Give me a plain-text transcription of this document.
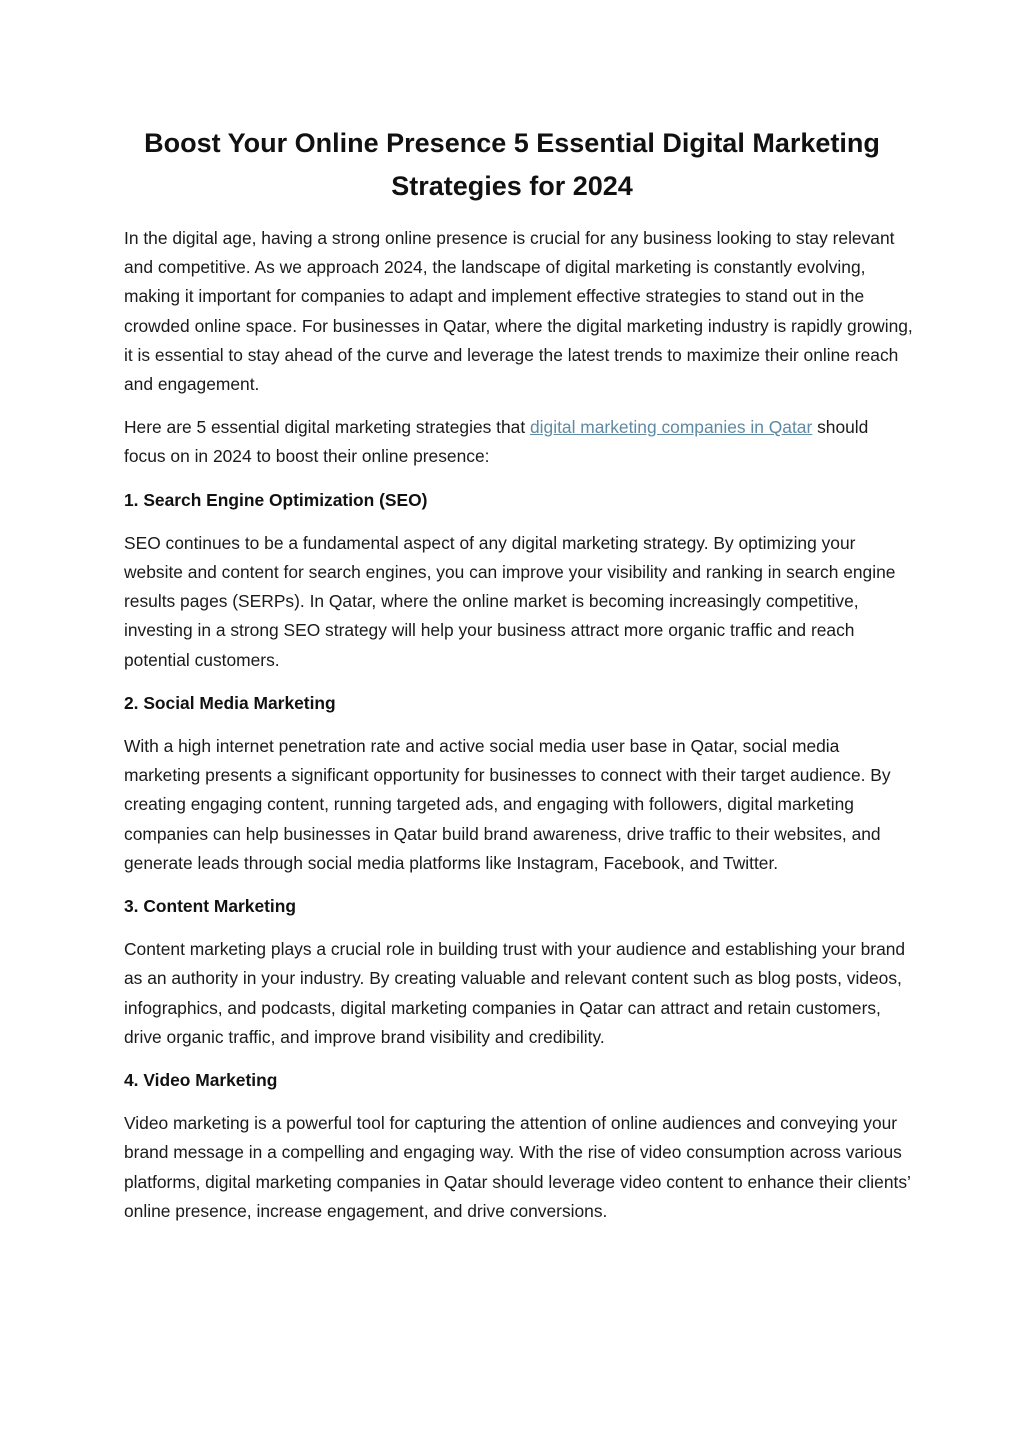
Boost Your Online Presence 5 Essential Digital Marketing Strategies for 2024

In the digital age, having a strong online presence is crucial for any business looking to stay relevant and competitive. As we approach 2024, the landscape of digital marketing is constantly evolving, making it important for companies to adapt and implement effective strategies to stand out in the crowded online space. For businesses in Qatar, where the digital marketing industry is rapidly growing, it is essential to stay ahead of the curve and leverage the latest trends to maximize their online reach and engagement.

Here are 5 essential digital marketing strategies that digital marketing companies in Qatar should focus on in 2024 to boost their online presence:

1. Search Engine Optimization (SEO)

SEO continues to be a fundamental aspect of any digital marketing strategy. By optimizing your website and content for search engines, you can improve your visibility and ranking in search engine results pages (SERPs). In Qatar, where the online market is becoming increasingly competitive, investing in a strong SEO strategy will help your business attract more organic traffic and reach potential customers.

2. Social Media Marketing

With a high internet penetration rate and active social media user base in Qatar, social media marketing presents a significant opportunity for businesses to connect with their target audience. By creating engaging content, running targeted ads, and engaging with followers, digital marketing companies can help businesses in Qatar build brand awareness, drive traffic to their websites, and generate leads through social media platforms like Instagram, Facebook, and Twitter.

3. Content Marketing

Content marketing plays a crucial role in building trust with your audience and establishing your brand as an authority in your industry. By creating valuable and relevant content such as blog posts, videos, infographics, and podcasts, digital marketing companies in Qatar can attract and retain customers, drive organic traffic, and improve brand visibility and credibility.

4. Video Marketing

Video marketing is a powerful tool for capturing the attention of online audiences and conveying your brand message in a compelling and engaging way. With the rise of video consumption across various platforms, digital marketing companies in Qatar should leverage video content to enhance their clients’ online presence, increase engagement, and drive conversions.
